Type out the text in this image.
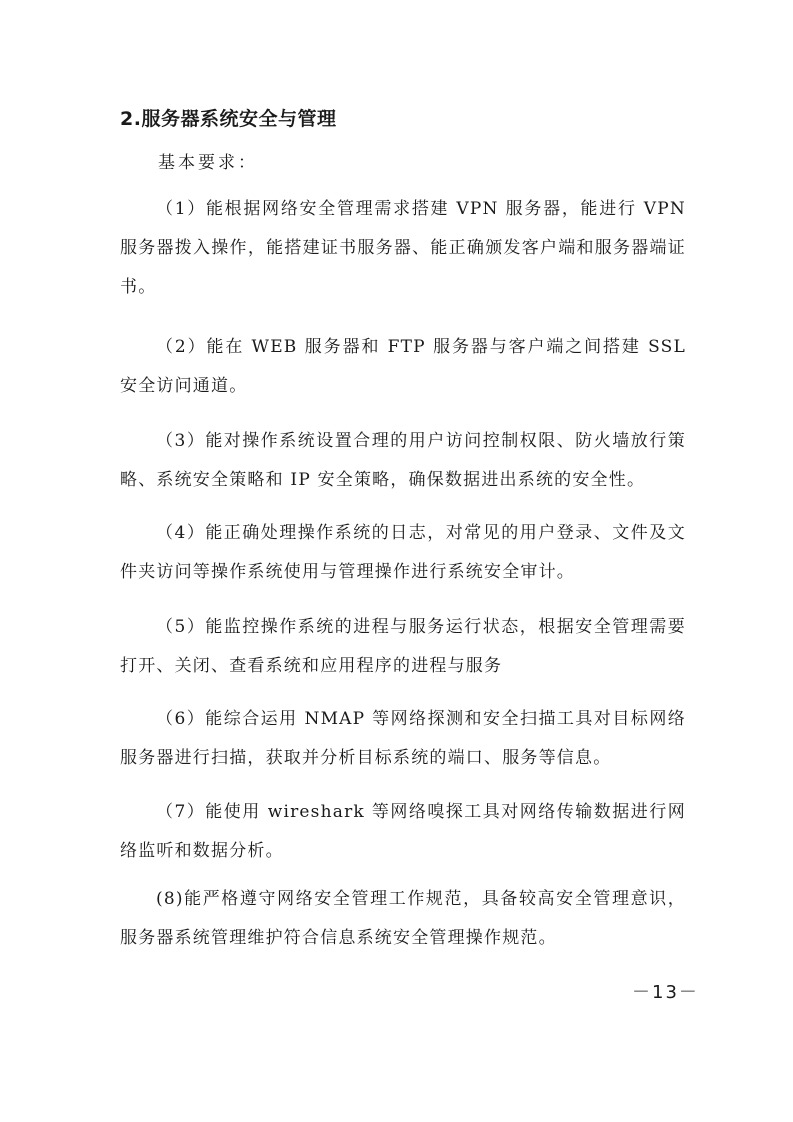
2.服务器系统安全与管理
基本要求：

（1）能根据网络安全管理需求搭建 VPN 服务器，能进行 VPN 服务器拨入操作，能搭建证书服务器、能正确颁发客户端和服务器端证书。

（2）能在 WEB 服务器和 FTP 服务器与客户端之间搭建 SSL 安全访问通道。

（3）能对操作系统设置合理的用户访问控制权限、防火墙放行策略、系统安全策略和 IP 安全策略，确保数据进出系统的安全性。

（4）能正确处理操作系统的日志，对常见的用户登录、文件及文件夹访问等操作系统使用与管理操作进行系统安全审计。

（5）能监控操作系统的进程与服务运行状态，根据安全管理需要打开、关闭、查看系统和应用程序的进程与服务

（6）能综合运用 NMAP 等网络探测和安全扫描工具对目标网络服务器进行扫描，获取并分析目标系统的端口、服务等信息。

（7）能使用 wireshark 等网络嗅探工具对网络传输数据进行网络监听和数据分析。

(8)能严格遵守网络安全管理工作规范，具备较高安全管理意识，服务器系统管理维护符合信息系统安全管理操作规范。

－13－
